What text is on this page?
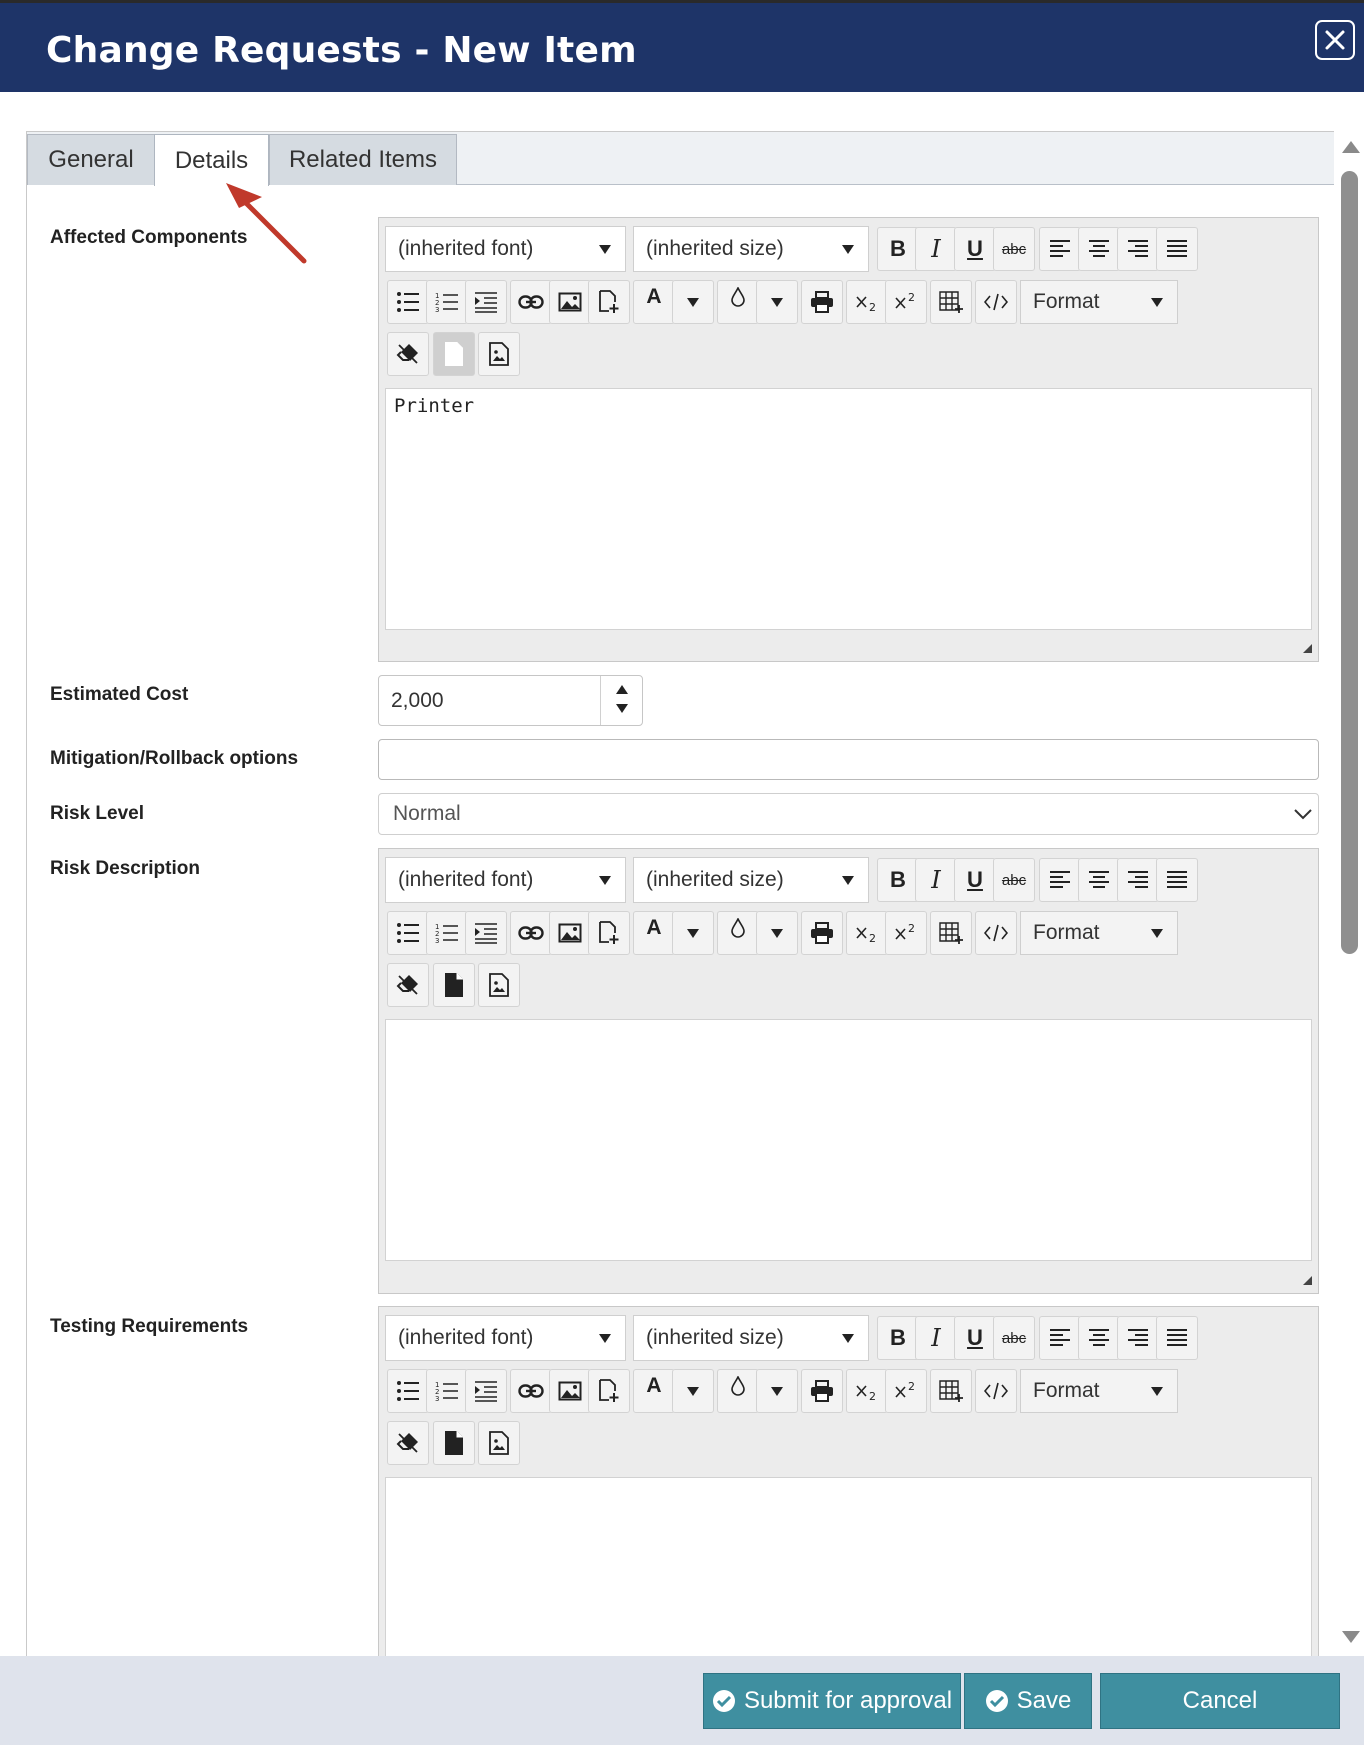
Change Requests - New Item
General	Details	Related Items
Affected Components	(inherited font)	(inherited size)	B	I	U	abc
1
2
3
A	2
2	Format
Printer
Estimated Cost	2,000
Mitigation/Rollback options
Risk Level	Normal
Risk Description	(inherited font)	(inherited size)	B	I	U	abc
1
2
3
A	2
2	Format
Testing Requirements	(inherited font)	(inherited size)	B	I	U	abc
1
2
3
A	2
2	Format
Submit for approval	Save	Cancel
